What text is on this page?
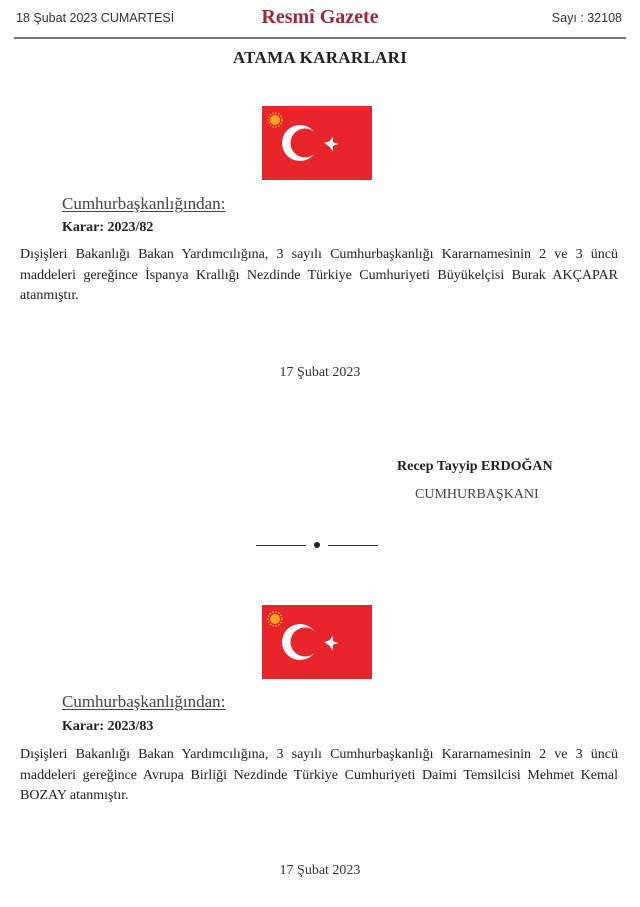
18 Şubat 2023 CUMARTESİ	Resmî Gazete	Sayı : 32108
ATAMA KARARLARI
Cumhurbaşkanlığından:
Karar: 2023/82
Dışişleri Bakanlığı Bakan Yardımcılığına, 3 sayılı Cumhurbaşkanlığı Kararnamesinin 2 ve 3 üncü maddeleri gereğince İspanya Krallığı Nezdinde Türkiye Cumhuriyeti Büyükelçisi Burak AKÇAPAR atanmıştır.
17 Şubat 2023
Recep Tayyip ERDOĞAN
CUMHURBAŞKANI
Cumhurbaşkanlığından:
Karar: 2023/83
Dışişleri Bakanlığı Bakan Yardımcılığına, 3 sayılı Cumhurbaşkanlığı Kararnamesinin 2 ve 3 üncü maddeleri gereğince Avrupa Birliği Nezdinde Türkiye Cumhuriyeti Daimi Temsilcisi Mehmet Kemal BOZAY atanmıştır.
17 Şubat 2023
